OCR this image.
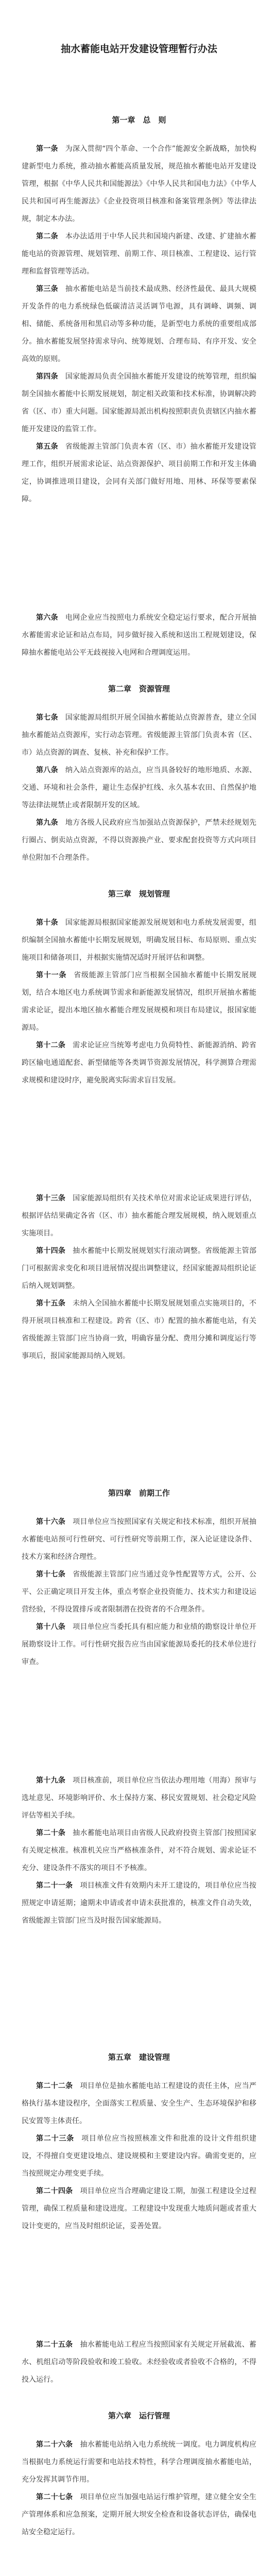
抽水蓄能电站开发建设管理暂行办法
第一章　总　则

第一条 为深入贯彻“四个革命、一个合作”能源安全新战略，加快构建新型电力系统，推动抽水蓄能高质量发展，规范抽水蓄能电站开发建设管理，根据《中华人民共和国能源法》《中华人民共和国电力法》《中华人民共和国可再生能源法》《企业投资项目核准和备案管理条例》等法律法规，制定本办法。

第二条 本办法适用于中华人民共和国境内新建、改建、扩建抽水蓄能电站的资源管理、规划管理、前期工作、项目核准、工程建设、运行管理和监督管理等活动。

第三条 抽水蓄能电站是当前技术最成熟、经济性最优、最具大规模开发条件的电力系统绿色低碳清洁灵活调节电源，具有调峰、调频、调相、储能、系统备用和黑启动等多种功能，是新型电力系统的重要组成部分。抽水蓄能发展坚持需求导向、统筹规划、合理布局、有序开发、安全高效的原则。

第四条 国家能源局负责全国抽水蓄能开发建设的统筹管理，组织编制全国抽水蓄能中长期发展规划，制定相关政策和技术标准，协调解决跨省（区、市）重大问题。国家能源局派出机构按照职责负责辖区内抽水蓄能开发建设的监管工作。

第五条 省级能源主管部门负责本省（区、市）抽水蓄能开发建设管理工作，组织开展需求论证、站点资源保护、项目前期工作和开发主体确定，协调推进项目建设，会同有关部门做好用地、用林、环保等要素保障。

第六条 电网企业应当按照电力系统安全稳定运行要求，配合开展抽水蓄能需求论证和站点布局，同步做好接入系统和送出工程规划建设，保障抽水蓄能电站公平无歧视接入电网和合理调度运用。

第二章　资源管理

第七条 国家能源局组织开展全国抽水蓄能站点资源普查，建立全国抽水蓄能站点资源库，实行动态管理。省级能源主管部门负责本省（区、市）站点资源的调查、复核、补充和保护工作。

第八条 纳入站点资源库的站点，应当具备较好的地形地质、水源、交通、环境和社会条件，避让生态保护红线、永久基本农田、自然保护地等法律法规禁止或者限制开发的区域。

第九条 地方各级人民政府应当加强站点资源保护，严禁未经规划先行圈占、倒卖站点资源，不得以资源换产业、要求配套投资等方式向项目单位附加不合理条件。

第三章　规划管理

第十条 国家能源局根据国家能源发展规划和电力系统发展需要，组织编制全国抽水蓄能中长期发展规划，明确发展目标、布局原则、重点实施项目和储备项目，并根据实施情况适时开展评估和调整。

第十一条 省级能源主管部门应当根据全国抽水蓄能中长期发展规划，结合本地区电力系统调节需求和新能源发展情况，组织开展抽水蓄能需求论证，提出本地区抽水蓄能合理发展规模和项目布局建议，报国家能源局。

第十二条 需求论证应当统筹考虑电力负荷特性、新能源消纳、跨省跨区输电通道配套、新型储能等各类调节资源发展情况，科学测算合理需求规模和建设时序，避免脱离实际需求盲目发展。

第十三条 国家能源局组织有关技术单位对需求论证成果进行评估，根据评估结果确定各省（区、市）抽水蓄能合理发展规模，纳入规划重点实施项目。

第十四条 抽水蓄能中长期发展规划实行滚动调整。省级能源主管部门可根据需求变化和项目进展情况提出调整建议，经国家能源局组织论证后纳入规划调整。

第十五条 未纳入全国抽水蓄能中长期发展规划重点实施项目的，不得开展项目核准和工程建设。跨省（区、市）配置的抽水蓄能电站，有关省级能源主管部门应当协商一致，明确容量分配、费用分摊和调度运行等事项后，报国家能源局纳入规划。

第四章　前期工作

第十六条 项目单位应当按照国家有关规定和技术标准，组织开展抽水蓄能电站预可行性研究、可行性研究等前期工作，深入论证建设条件、技术方案和经济合理性。

第十七条 省级能源主管部门应当通过竞争性配置等方式，公开、公平、公正确定项目开发主体，重点考察企业投资能力、技术实力和建设运营经验，不得设置排斥或者限制潜在投资者的不合理条件。

第十八条 项目单位应当委托具有相应能力和业绩的勘察设计单位开展勘察设计工作。可行性研究报告应当由国家能源局委托的技术单位进行审查。

第十九条 项目核准前，项目单位应当依法办理用地（用海）预审与选址意见、环境影响评价、水土保持方案、移民安置规划、社会稳定风险评估等相关手续。

第二十条 抽水蓄能电站项目由省级人民政府投资主管部门按照国家有关规定核准。核准机关应当严格核准条件，对不符合规划、需求论证不充分、建设条件不落实的项目不予核准。

第二十一条 项目核准文件有效期内未开工建设的，项目单位应当按照规定申请延期；逾期未申请或者申请未获批准的，核准文件自动失效，省级能源主管部门应当及时报告国家能源局。

第五章　建设管理

第二十二条 项目单位是抽水蓄能电站工程建设的责任主体，应当严格执行基本建设程序，全面落实工程质量、安全生产、生态环境保护和移民安置等主体责任。

第二十三条 项目单位应当按照核准文件和批准的设计文件组织建设，不得擅自变更建设地点、建设规模和主要建设内容。确需变更的，应当按照规定办理变更手续。

第二十四条 项目单位应当合理确定建设工期，加强工程建设全过程管理，确保工程质量和建设进度。工程建设中发现重大地质问题或者重大设计变更的，应当及时组织论证，妥善处置。

第二十五条 抽水蓄能电站工程应当按照国家有关规定开展截流、蓄水、机组启动等阶段验收和竣工验收。未经验收或者验收不合格的，不得投入运行。

第六章　运行管理

第二十六条 抽水蓄能电站纳入电力系统统一调度。电力调度机构应当根据电力系统运行需要和电站技术特性，科学合理调度抽水蓄能电站，充分发挥其调节作用。

第二十七条 项目单位应当加强电站运行维护管理，建立健全安全生产管理体系和应急预案，定期开展大坝安全检查和设备状态评估，确保电站安全稳定运行。
